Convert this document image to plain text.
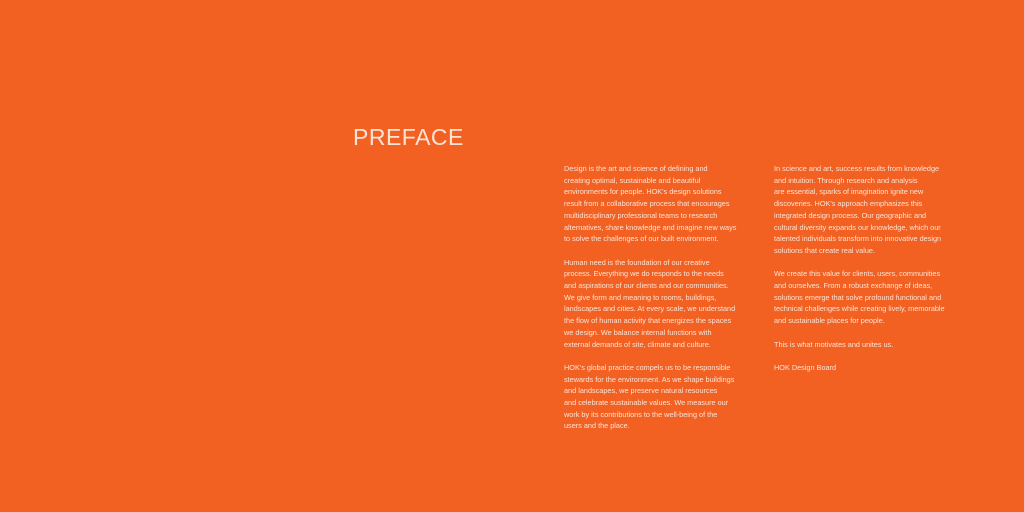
PREFACE

Design is the art and science of defining and
creating optimal, sustainable and beautiful
environments for people. HOK's design solutions
result from a collaborative process that encourages
multidisciplinary professional teams to research
alternatives, share knowledge and imagine new ways
to solve the challenges of our built environment.

Human need is the foundation of our creative
process. Everything we do responds to the needs
and aspirations of our clients and our communities.
We give form and meaning to rooms, buildings,
landscapes and cities. At every scale, we understand
the flow of human activity that energizes the spaces
we design. We balance internal functions with
external demands of site, climate and culture.

HOK's global practice compels us to be responsible
stewards for the environment. As we shape buildings
and landscapes, we preserve natural resources
and celebrate sustainable values. We measure our
work by its contributions to the well-being of the
users and the place.

In science and art, success results from knowledge
and intuition. Through research and analysis
are essential, sparks of imagination ignite new
discoveries. HOK's approach emphasizes this
integrated design process. Our geographic and
cultural diversity expands our knowledge, which our
talented individuals transform into innovative design
solutions that create real value.

We create this value for clients, users, communities
and ourselves. From a robust exchange of ideas,
solutions emerge that solve profound functional and
technical challenges while creating lively, memorable
and sustainable places for people.

This is what motivates and unites us.

HOK Design Board
